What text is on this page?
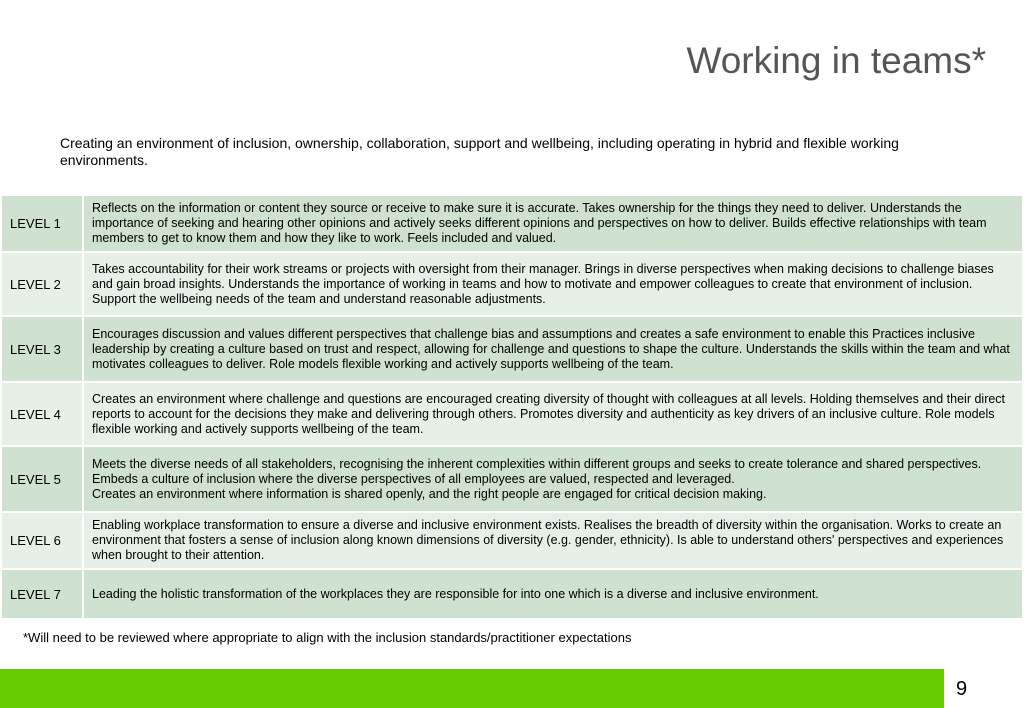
Working in teams*
Creating an environment of inclusion, ownership, collaboration, support and wellbeing, including operating in hybrid and flexible working environments.
LEVEL 1	Reflects on the information or content they source or receive to make sure it is accurate. Takes ownership for the things they need to deliver. Understands the importance of seeking and hearing other opinions and actively seeks different opinions and perspectives on how to deliver. Builds effective relationships with team members to get to know them and how they like to work. Feels included and valued.
LEVEL 2	Takes accountability for their work streams or projects with oversight from their manager. Brings in diverse perspectives when making decisions to challenge biases and gain broad insights. Understands the importance of working in teams and how to motivate and empower colleagues to create that environment of inclusion. Support the wellbeing needs of the team and understand reasonable adjustments.
LEVEL 3	Encourages discussion and values different perspectives that challenge bias and assumptions and creates a safe environment to enable this Practices inclusive leadership by creating a culture based on trust and respect, allowing for challenge and questions to shape the culture. Understands the skills within the team and what motivates colleagues to deliver. Role models flexible working and actively supports wellbeing of the team.
LEVEL 4	Creates an environment where challenge and questions are encouraged creating diversity of thought with colleagues at all levels. Holding themselves and their direct reports to account for the decisions they make and delivering through others. Promotes diversity and authenticity as key drivers of an inclusive culture. Role models flexible working and actively supports wellbeing of the team.
LEVEL 5	Meets the diverse needs of all stakeholders, recognising the inherent complexities within different groups and seeks to create tolerance and shared perspectives. Embeds a culture of inclusion where the diverse perspectives of all employees are valued, respected and leveraged.
Creates an environment where information is shared openly, and the right people are engaged for critical decision making.
LEVEL 6	Enabling workplace transformation to ensure a diverse and inclusive environment exists. Realises the breadth of diversity within the organisation. Works to create an environment that fosters a sense of inclusion along known dimensions of diversity (e.g. gender, ethnicity). Is able to understand others' perspectives and experiences when brought to their attention.
LEVEL 7	Leading the holistic transformation of the workplaces they are responsible for into one which is a diverse and inclusive environment.
*Will need to be reviewed where appropriate to align with the inclusion standards/practitioner expectations
9
